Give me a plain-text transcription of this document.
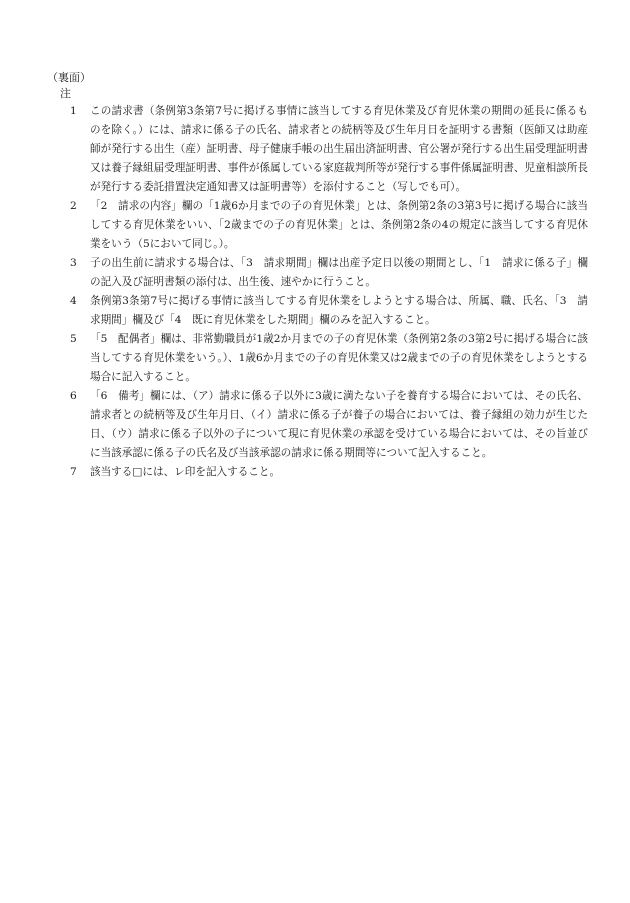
（裏面）
注
1	この請求書（条例第3条第7号に掲げる事情に該当してする育児休業及び育児休業の期間の延長に係るものを除く。）には、請求に係る子の氏名、請求者との続柄等及び生年月日を証明する書類（医師又は助産師が発行する出生（産）証明書、母子健康手帳の出生届出済証明書、官公署が発行する出生届受理証明書又は養子縁組届受理証明書、事件が係属している家庭裁判所等が発行する事件係属証明書、児童相談所長が発行する委託措置決定通知書又は証明書等）を添付すること（写しでも可）。
2	「2　請求の内容」欄の「1歳6か月までの子の育児休業」とは、条例第2条の3第3号に掲げる場合に該当してする育児休業をいい、「2歳までの子の育児休業」とは、条例第2条の4の規定に該当してする育児休業をいう（5において同じ。）。
3	子の出生前に請求する場合は、「3　請求期間」欄は出産予定日以後の期間とし、「1　請求に係る子」欄の記入及び証明書類の添付は、出生後、速やかに行うこと。
4	条例第3条第7号に掲げる事情に該当してする育児休業をしようとする場合は、所属、職、氏名、「3　請求期間」欄及び「4　既に育児休業をした期間」欄のみを記入すること。
5	「5　配偶者」欄は、非常勤職員が1歳2か月までの子の育児休業（条例第2条の3第2号に掲げる場合に該当してする育児休業をいう。）、1歳6か月までの子の育児休業又は2歳までの子の育児休業をしようとする場合に記入すること。
6	「6　備考」欄には、（ア）請求に係る子以外に3歳に満たない子を養育する場合においては、その氏名、請求者との続柄等及び生年月日、（イ）請求に係る子が養子の場合においては、養子縁組の効力が生じた日、（ウ）請求に係る子以外の子について現に育児休業の承認を受けている場合においては、その旨並びに当該承認に係る子の氏名及び当該承認の請求に係る期間等について記入すること。
7	該当する□には、レ印を記入すること。
